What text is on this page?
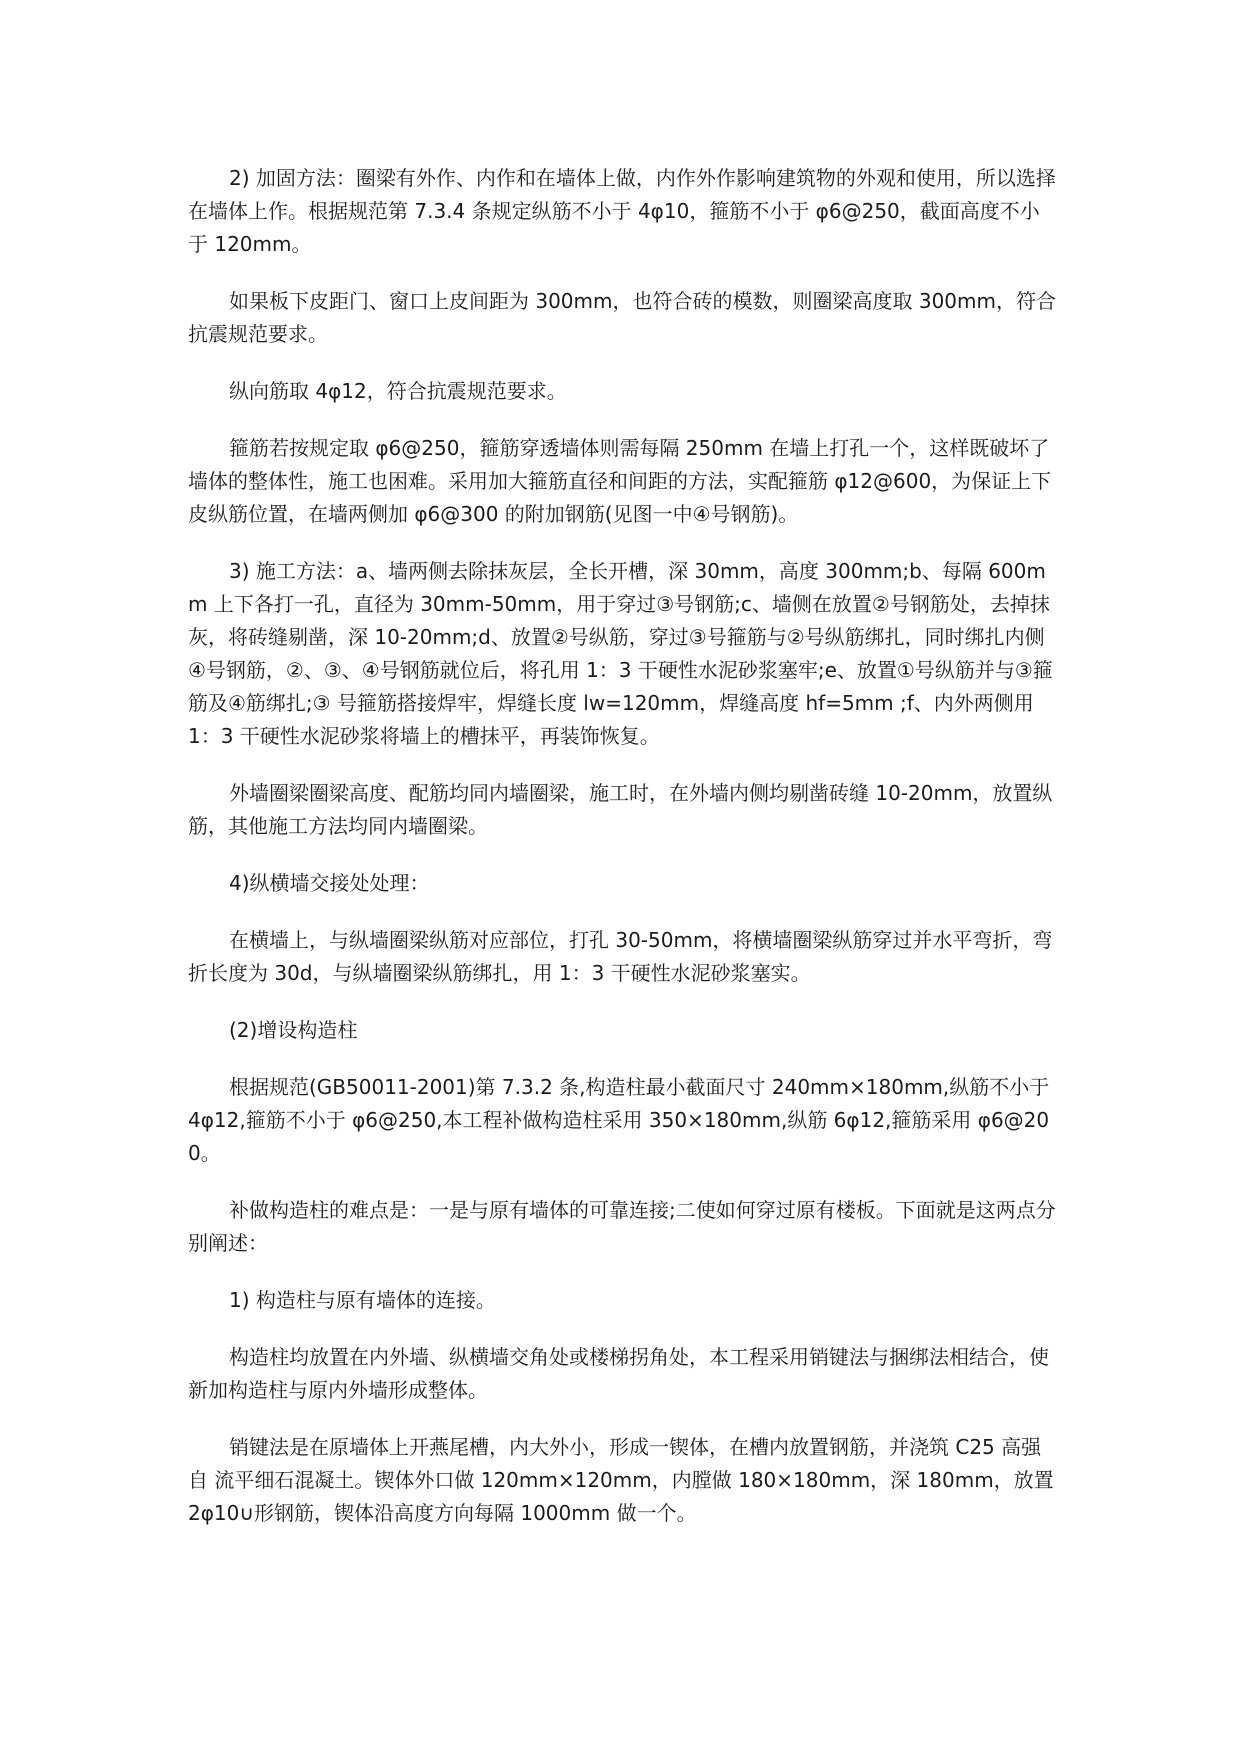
2) 加固方法：圈梁有外作、内作和在墙体上做，内作外作影响建筑物的外观和使用，所以选择在墙体上作。根据规范第 7.3.4 条规定纵筋不小于 4φ10，箍筋不小于 φ6@250，截面高度不小于 120mm。

如果板下皮距门、窗口上皮间距为 300mm，也符合砖的模数，则圈梁高度取 300mm，符合抗震规范要求。

纵向筋取 4φ12，符合抗震规范要求。

箍筋若按规定取 φ6@250，箍筋穿透墙体则需每隔 250mm 在墙上打孔一个，这样既破坏了墙体的整体性，施工也困难。采用加大箍筋直径和间距的方法，实配箍筋 φ12@600，为保证上下皮纵筋位置，在墙两侧加 φ6@300 的附加钢筋(见图一中④号钢筋)。

3) 施工方法：a、墙两侧去除抹灰层，全长开槽，深 30mm，高度 300mm;b、每隔 600mm 上下各打一孔，直径为 30mm-50mm，用于穿过③号钢筋;c、墙侧在放置②号钢筋处，去掉抹灰，将砖缝剔凿，深 10-20mm;d、放置②号纵筋，穿过③号箍筋与②号纵筋绑扎，同时绑扎内侧④号钢筋，②、③、④号钢筋就位后，将孔用 1：3 干硬性水泥砂浆塞牢;e、放置①号纵筋并与③箍筋及④筋绑扎;③ 号箍筋搭接焊牢，焊缝长度 lw=120mm，焊缝高度 hf=5mm ;f、内外两侧用 1：3 干硬性水泥砂浆将墙上的槽抹平，再装饰恢复。

外墙圈梁圈梁高度、配筋均同内墙圈梁，施工时，在外墙内侧均剔凿砖缝 10-20mm，放置纵筋，其他施工方法均同内墙圈梁。

4)纵横墙交接处处理：

在横墙上，与纵墙圈梁纵筋对应部位，打孔 30-50mm，将横墙圈梁纵筋穿过并水平弯折，弯折长度为 30d，与纵墙圈梁纵筋绑扎，用 1：3 干硬性水泥砂浆塞实。

(2)增设构造柱

根据规范(GB50011-2001)第 7.3.2 条,构造柱最小截面尺寸 240mm×180mm,纵筋不小于 4φ12,箍筋不小于 φ6@250,本工程补做构造柱采用 350×180mm,纵筋 6φ12,箍筋采用 φ6@200。

补做构造柱的难点是：一是与原有墙体的可靠连接;二使如何穿过原有楼板。下面就是这两点分别阐述：

1) 构造柱与原有墙体的连接。

构造柱均放置在内外墙、纵横墙交角处或楼梯拐角处，本工程采用销键法与捆绑法相结合，使新加构造柱与原内外墙形成整体。

销键法是在原墙体上开燕尾槽，内大外小，形成一锲体，在槽内放置钢筋，并浇筑 C25 高强自 流平细石混凝土。锲体外口做 120mm×120mm，内膛做 180×180mm，深 180mm，放置 2φ10∪形钢筋，锲体沿高度方向每隔 1000mm 做一个。
